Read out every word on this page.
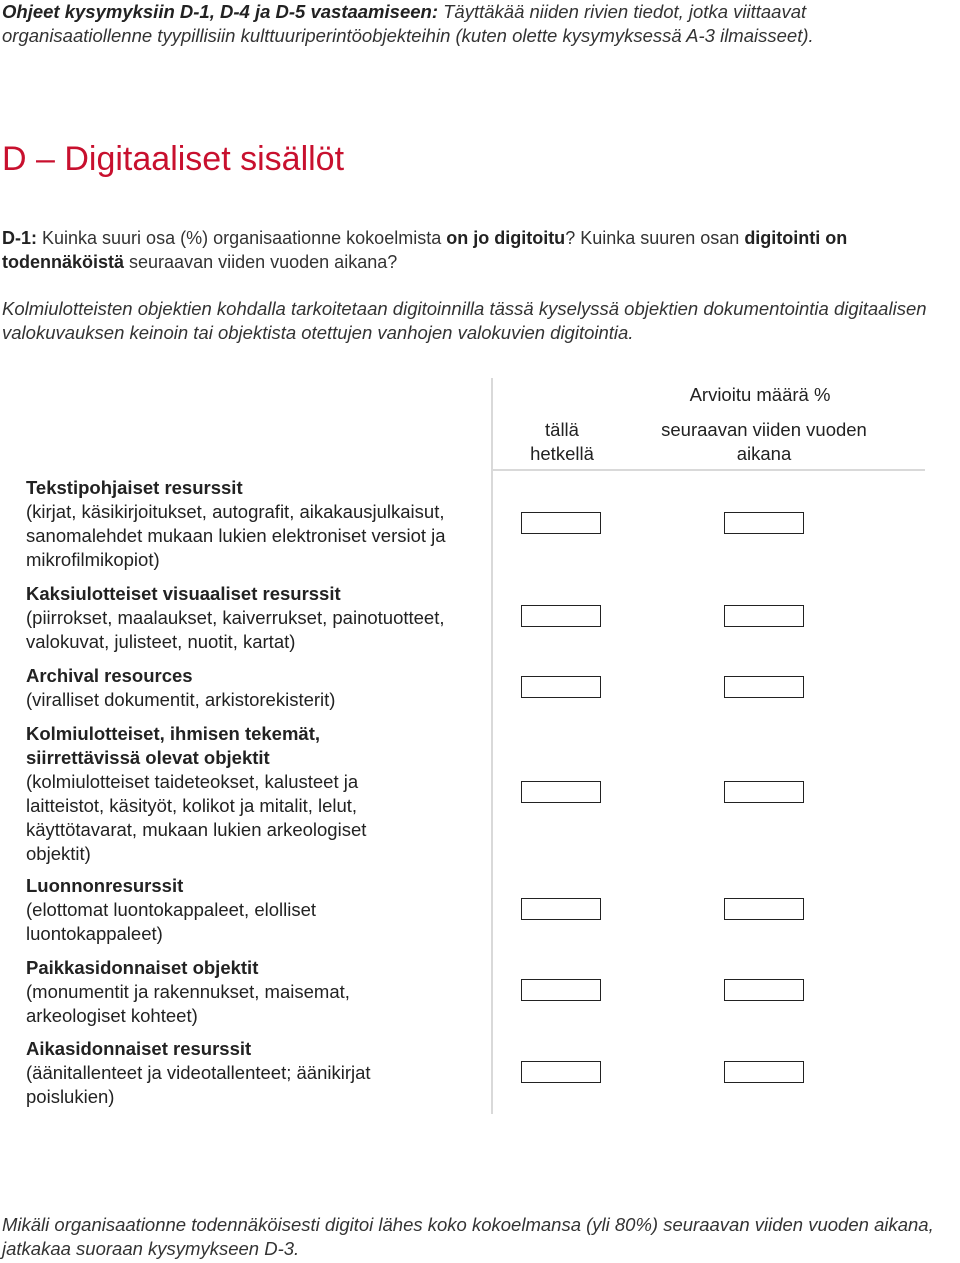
Ohjeet kysymyksiin D-1, D-4 ja D-5 vastaamiseen: Täyttäkää niiden rivien tiedot, jotka viittaavat organisaatiollenne tyypillisiin kulttuuriperintöobjekteihin (kuten olette kysymyksessä A-3 ilmaisseet).
D – Digitaaliset sisällöt
D-1: Kuinka suuri osa (%) organisaationne kokoelmista on jo digitoitu? Kuinka suuren osan digitointi on todennäköistä seuraavan viiden vuoden aikana?
Kolmiulotteisten objektien kohdalla tarkoitetaan digitoinnilla tässä kyselyssä objektien dokumentointia digitaalisen valokuvauksen keinoin tai objektista otettujen vanhojen valokuvien digitointia.
Arvioitu määrä %
tällä hetkellä
seuraavan viiden vuoden aikana
Tekstipohjaiset resurssit
(kirjat, käsikirjoitukset, autografit, aikakausjulkaisut, sanomalehdet mukaan lukien elektroniset versiot ja mikrofilmikopiot)
Kaksiulotteiset visuaaliset resurssit
(piirrokset, maalaukset, kaiverrukset, painotuotteet, valokuvat, julisteet, nuotit, kartat)
Archival resources
(viralliset dokumentit, arkistorekisterit)
Kolmiulotteiset, ihmisen tekemät, siirrettävissä olevat objektit
(kolmiulotteiset taideteokset, kalusteet ja laitteistot, käsityöt, kolikot ja mitalit, lelut, käyttötavarat, mukaan lukien arkeologiset objektit)
Luonnonresurssit
(elottomat luontokappaleet, elolliset luontokappaleet)
Paikkasidonnaiset objektit
(monumentit ja rakennukset, maisemat, arkeologiset kohteet)
Aikasidonnaiset resurssit
(äänitallenteet ja videotallenteet; äänikirjat poislukien)
Mikäli organisaationne todennäköisesti digitoi lähes koko kokoelmansa (yli 80%) seuraavan viiden vuoden aikana, jatkakaa suoraan kysymykseen D-3.
